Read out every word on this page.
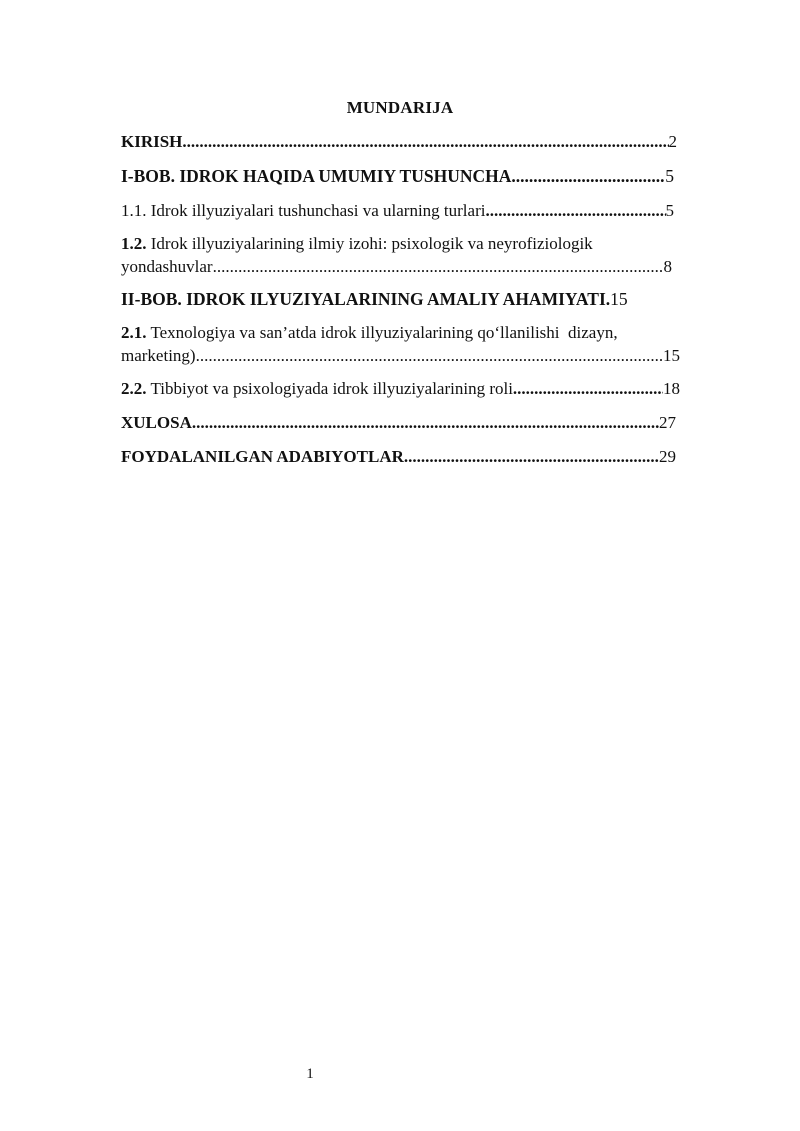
MUNDARIJA
KIRISH .....	2
I-BOB. IDROK HAQIDA UMUMIY TUSHUNCHA .....	5
1.1. Idrok illyuziyalari tushunchasi va ularning turlari .....	5
1.2. Idrok illyuziyalarining ilmiy izohi: psixologik va neyrofiziologik
yondashuvlar .....	8
II-BOB. IDROK ILYUZIYALARINING AMALIY AHAMIYATI. 15
2.1. Texnologiya va san’atda idrok illyuziyalarining qo‘llanilishi  dizayn,
marketing) .....	15
2.2. Tibbiyot va psixologiyada idrok illyuziyalarining roli .....	18
XULOSA .....	27
FOYDALANILGAN ADABIYOTLAR .....	29
1
